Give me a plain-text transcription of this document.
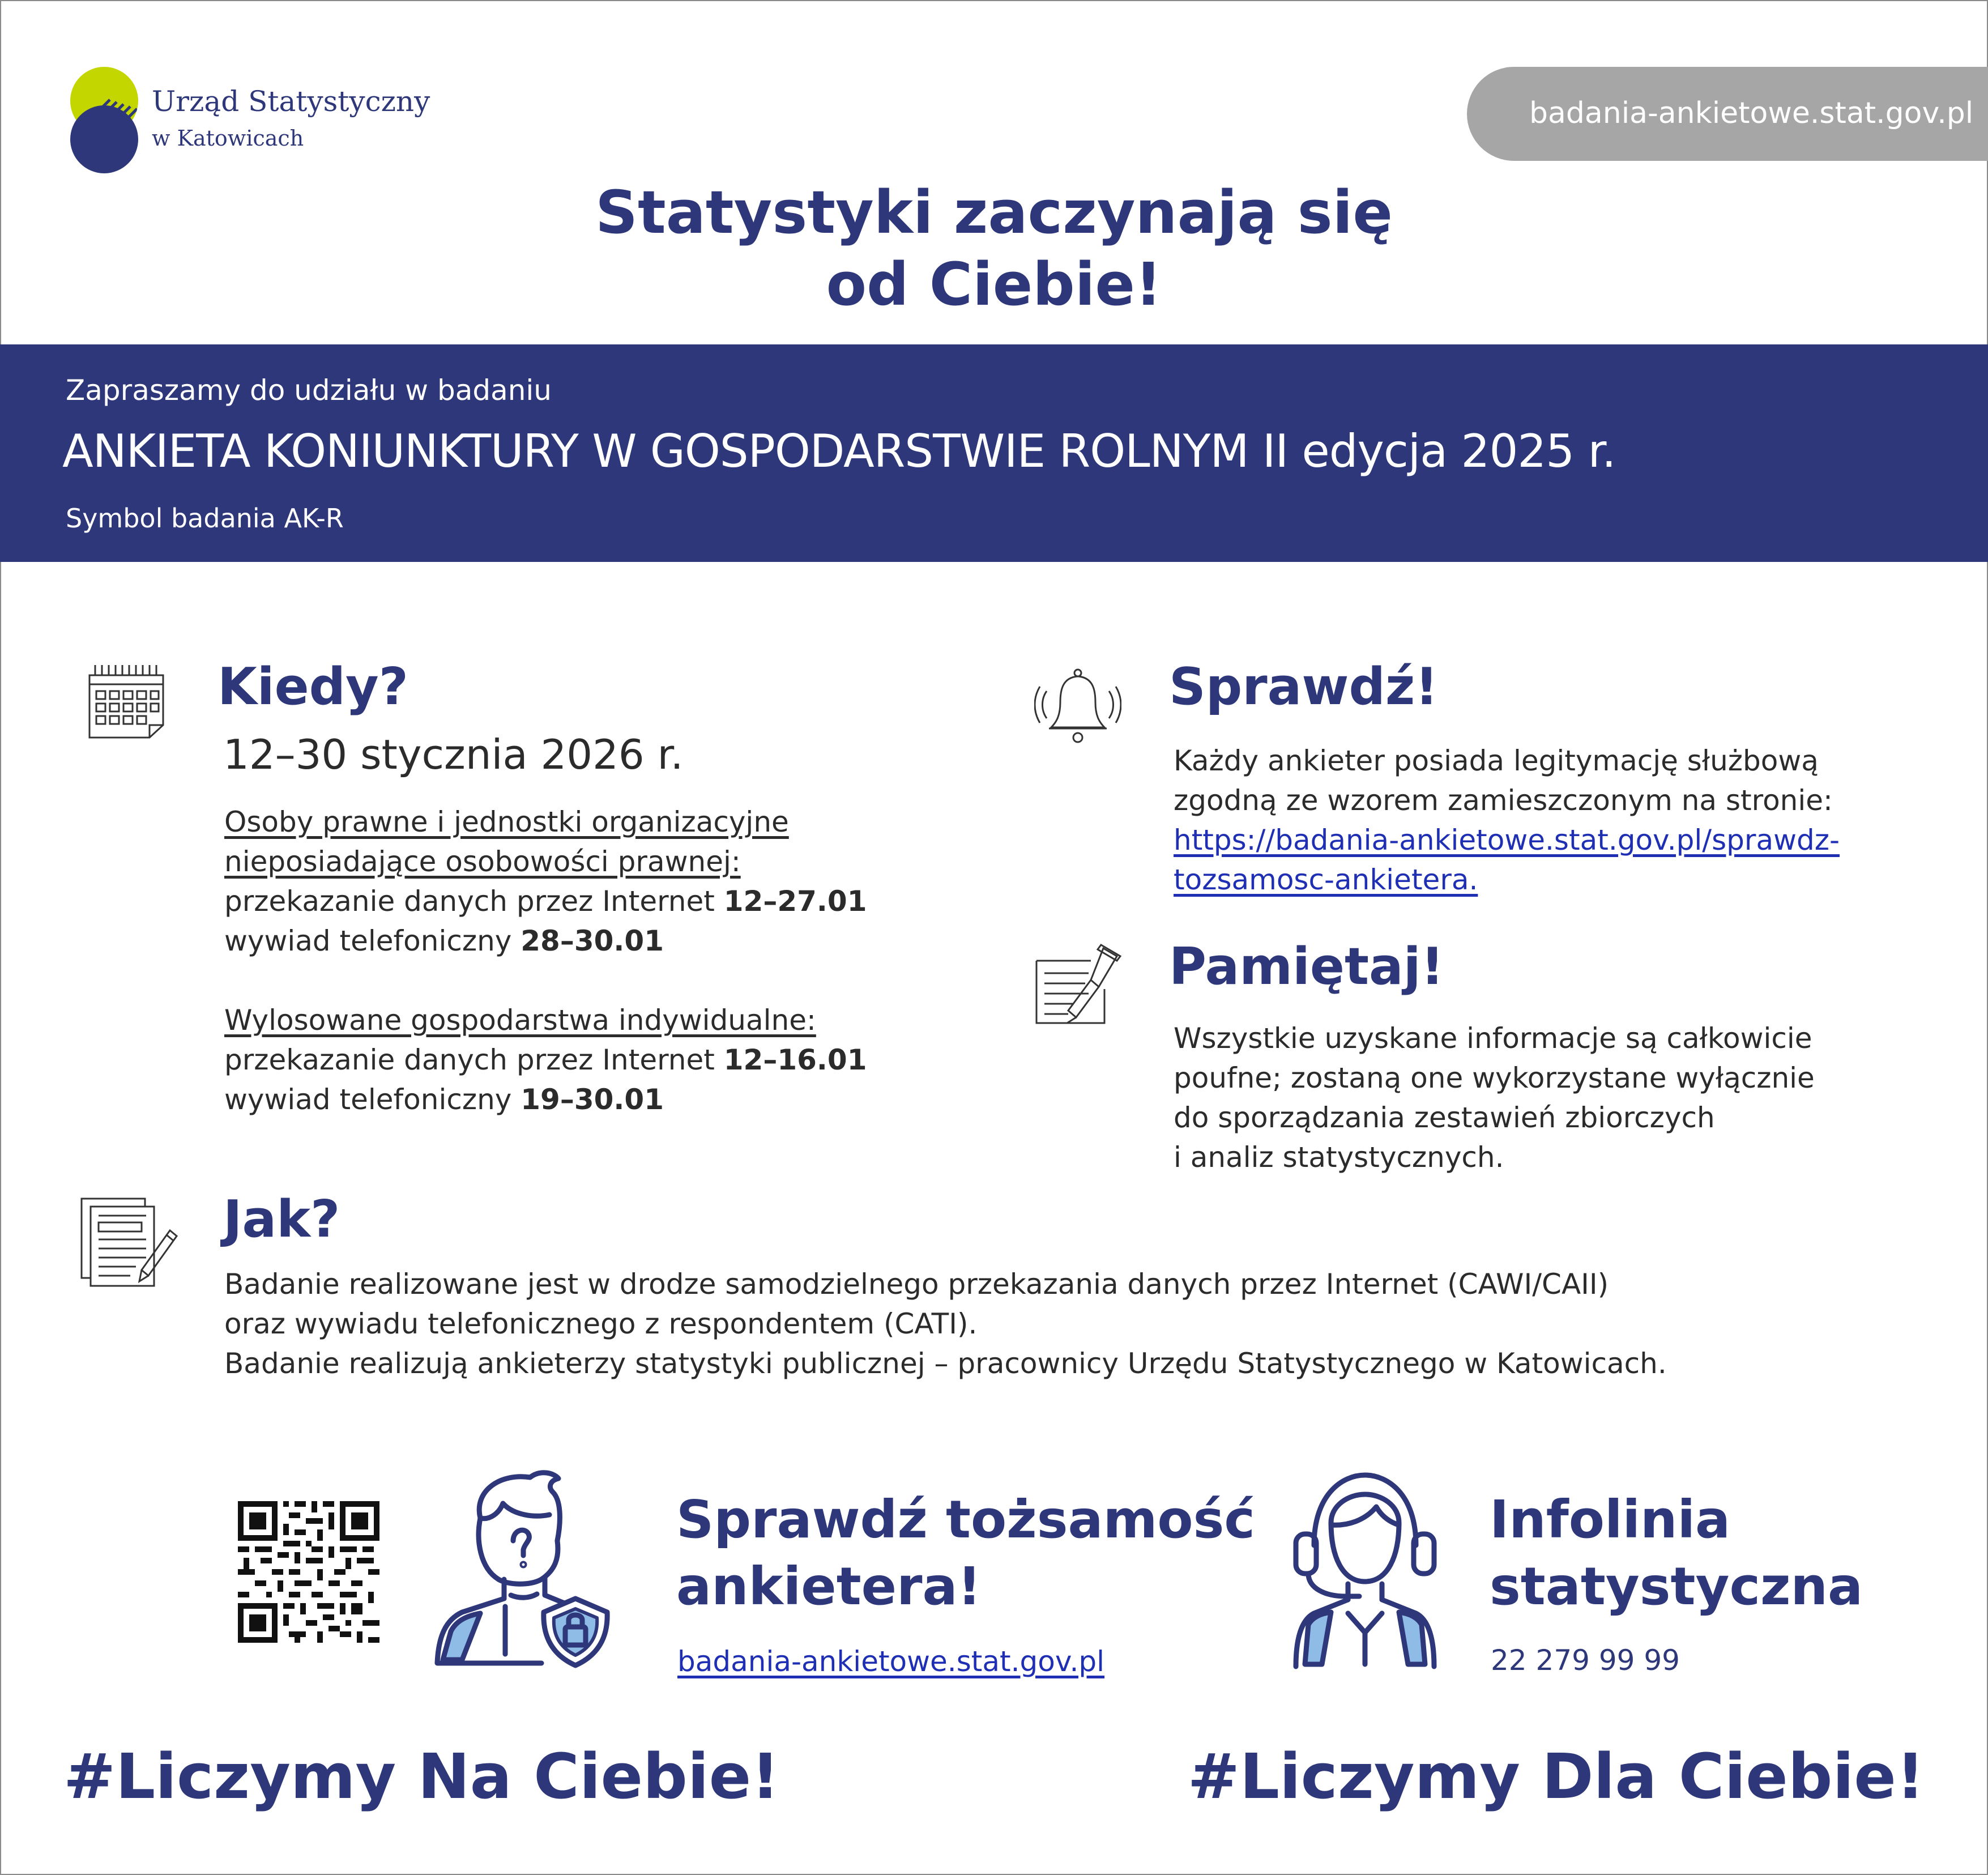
Urząd Statystyczny
w Katowicach
badania-ankietowe.stat.gov.pl
Statystyki zaczynają się
od Ciebie!
Zapraszamy do udziału w badaniu
ANKIETA KONIUNKTURY W GOSPODARSTWIE ROLNYM II edycja 2025 r.
Symbol badania AK-R
Kiedy?
12–30 stycznia 2026 r.
Osoby prawne i jednostki organizacyjne
nieposiadające osobowości prawnej:
przekazanie danych przez Internet 12–27.01
wywiad telefoniczny 28–30.01
Wylosowane gospodarstwa indywidualne:
przekazanie danych przez Internet 12–16.01
wywiad telefoniczny 19–30.01
Sprawdź!
Każdy ankieter posiada legitymację służbową
zgodną ze wzorem zamieszczonym na stronie:
https://badania-ankietowe.stat.gov.pl/sprawdz-
tozsamosc-ankietera.
Pamiętaj!
Wszystkie uzyskane informacje są całkowicie
poufne; zostaną one wykorzystane wyłącznie
do sporządzania zestawień zbiorczych
i analiz statystycznych.
Jak?
Badanie realizowane jest w drodze samodzielnego przekazania danych przez Internet (CAWI/CAII)
oraz wywiadu telefonicznego z respondentem (CATI).
Badanie realizują ankieterzy statystyki publicznej – pracownicy Urzędu Statystycznego w Katowicach.
Sprawdź tożsamość
ankietera!
badania-ankietowe.stat.gov.pl
Infolinia
statystyczna
22 279 99 99
#Liczymy Na Ciebie!	#Liczymy Dla Ciebie!
